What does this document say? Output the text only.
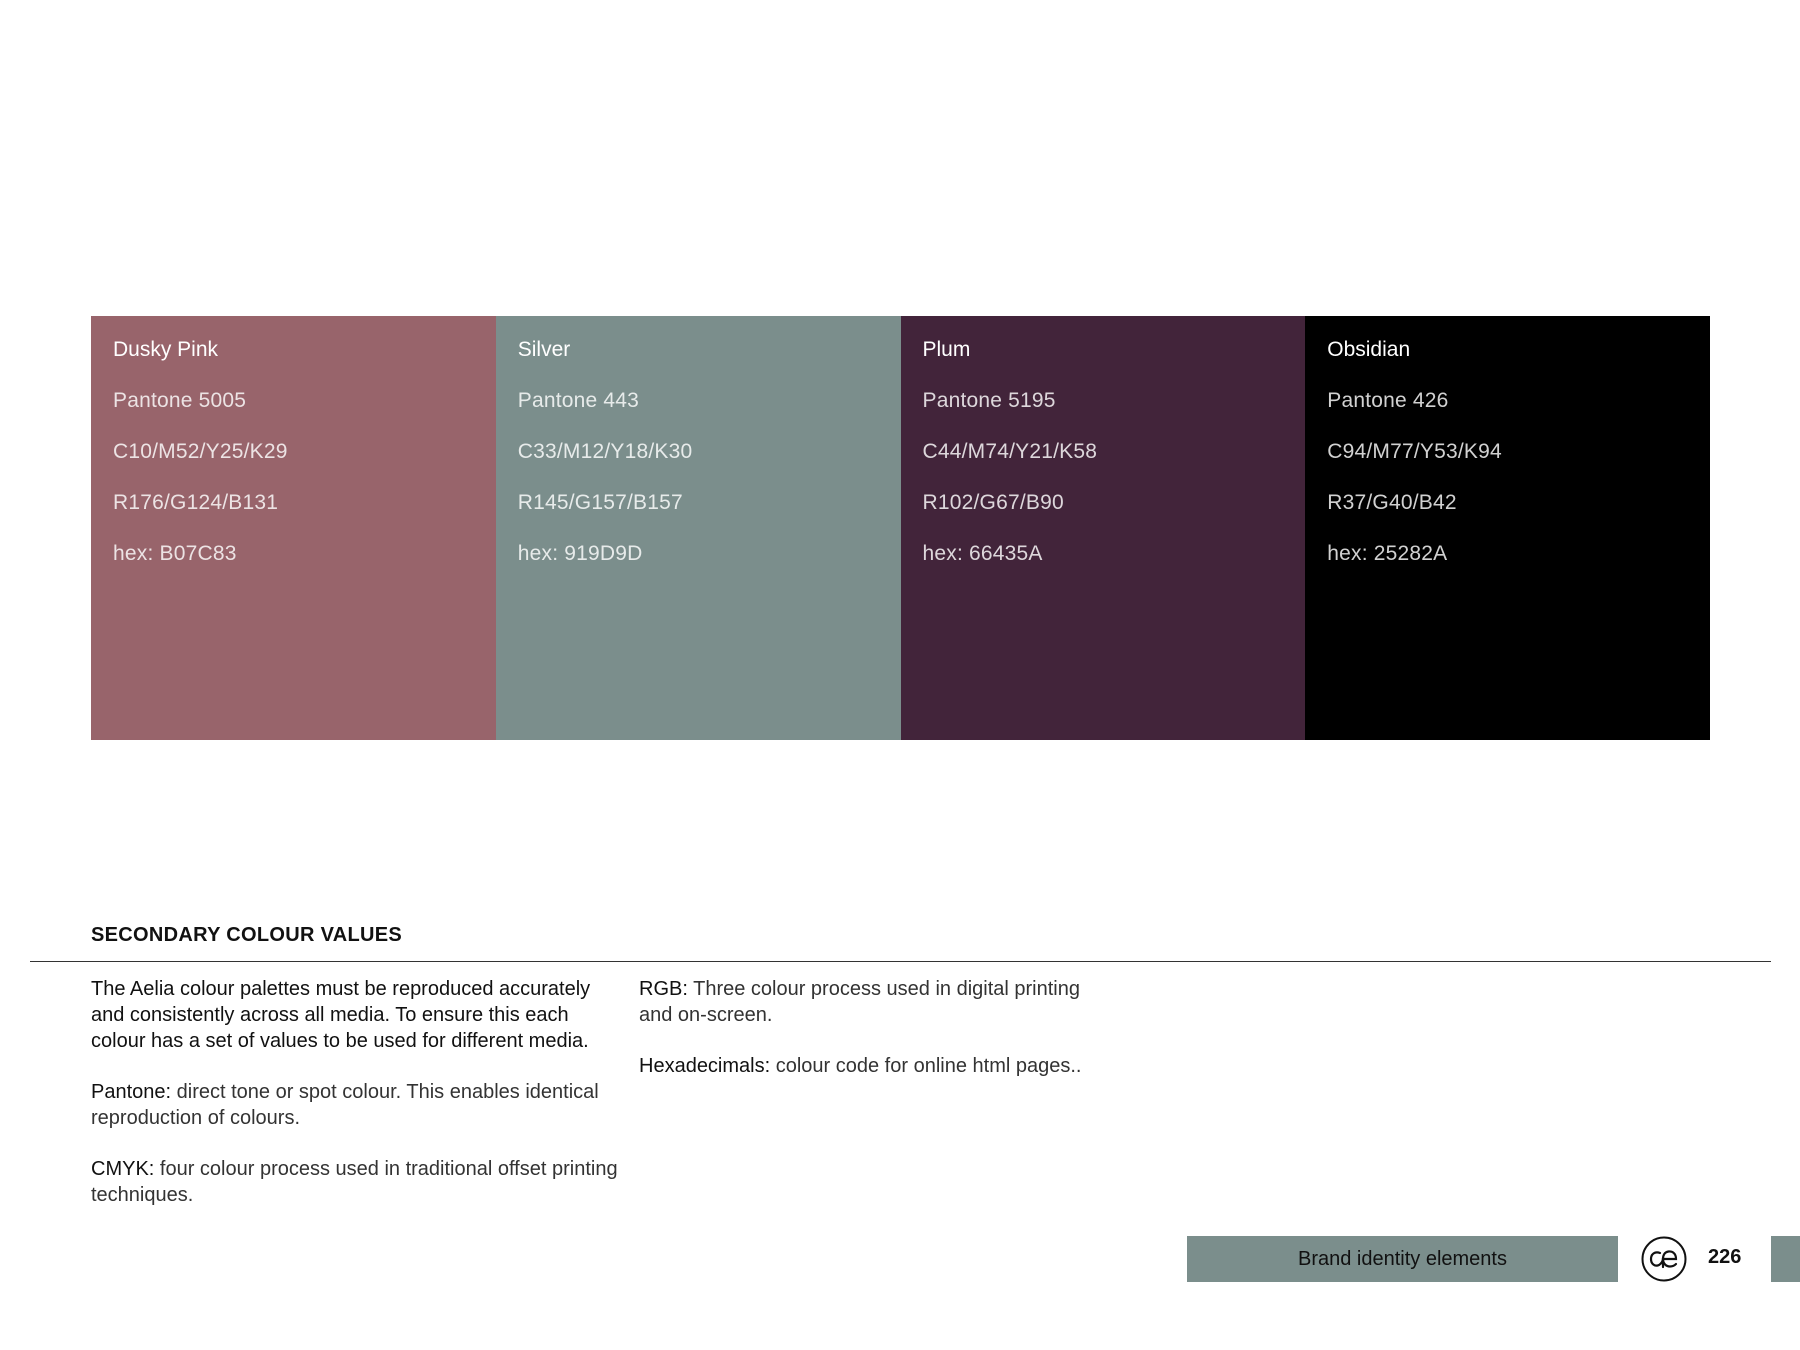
Dusky Pink
Pantone 5005
C10/M52/Y25/K29
R176/G124/B131
hex: B07C83
Silver
Pantone 443
C33/M12/Y18/K30
R145/G157/B157
hex: 919D9D
Plum
Pantone 5195
C44/M74/Y21/K58
R102/G67/B90
hex: 66435A
Obsidian
Pantone 426
C94/M77/Y53/K94
R37/G40/B42
hex: 25282A
SECONDARY COLOUR VALUES

The Aelia colour palettes must be reproduced accurately and consistently across all media. To ensure this each colour has a set of values to be used for different media.

Pantone: direct tone or spot colour. This enables identical reproduction of colours.

CMYK: four colour process used in traditional offset printing techniques.

RGB: Three colour process used in digital printing and on-screen.

Hexadecimals: colour code for online html pages..

Brand identity elements	226
